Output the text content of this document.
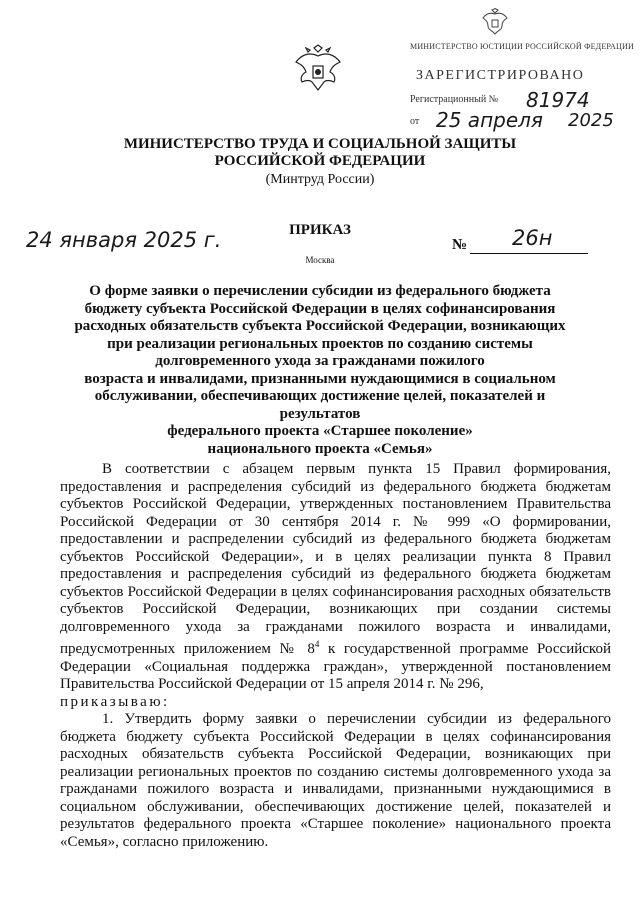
МИНИСТЕРСТВО ЮСТИЦИИ РОССИЙСКОЙ ФЕДЕРАЦИИ
ЗАРЕГИСТРИРОВАНО
Регистрационный № 81974
от 25 апреля 2025
МИНИСТЕРСТВО ТРУДА И СОЦИАЛЬНОЙ ЗАЩИТЫ
РОССИЙСКОЙ ФЕДЕРАЦИИ
(Минтруд России)
24 января 2025 г.	ПРИКАЗ
Москва
№ 26н
О форме заявки о перечислении субсидии из федерального бюджета
бюджету субъекта Российской Федерации в целях софинансирования
расходных обязательств субъекта Российской Федерации, возникающих
при реализации региональных проектов по созданию системы
долговременного ухода за гражданами пожилого
возраста и инвалидами, признанными нуждающимися в социальном
обслуживании, обеспечивающих достижение целей, показателей и результатов
федерального проекта «Старшее поколение»
национального проекта «Семья»

В соответствии с абзацем первым пункта 15 Правил формирования, предоставления и распределения субсидий из федерального бюджета бюджетам субъектов Российской Федерации, утвержденных постановлением Правительства Российской Федерации от 30 сентября 2014 г. № 999 «О формировании, предоставлении и распределении субсидий из федерального бюджета бюджетам субъектов Российской Федерации», и в целях реализации пункта 8 Правил предоставления и распределения субсидий из федерального бюджета бюджетам субъектов Российской Федерации в целях софинансирования расходных обязательств субъектов Российской Федерации, возникающих при создании системы долговременного ухода за гражданами пожилого возраста и инвалидами, предусмотренных приложением № $8^4$ к государственной программе Российской Федерации «Социальная поддержка граждан», утвержденной постановлением Правительства Российской Федерации от 15 апреля 2014 г. № 296,
приказываю:

1. Утвердить форму заявки о перечислении субсидии из федерального бюджета бюджету субъекта Российской Федерации в целях софинансирования расходных обязательств субъекта Российской Федерации, возникающих при реализации региональных проектов по созданию системы долговременного ухода за гражданами пожилого возраста и инвалидами, признанными нуждающимися в социальном обслуживании, обеспечивающих достижение целей, показателей и результатов федерального проекта «Старшее поколение» национального проекта «Семья», согласно приложению.
